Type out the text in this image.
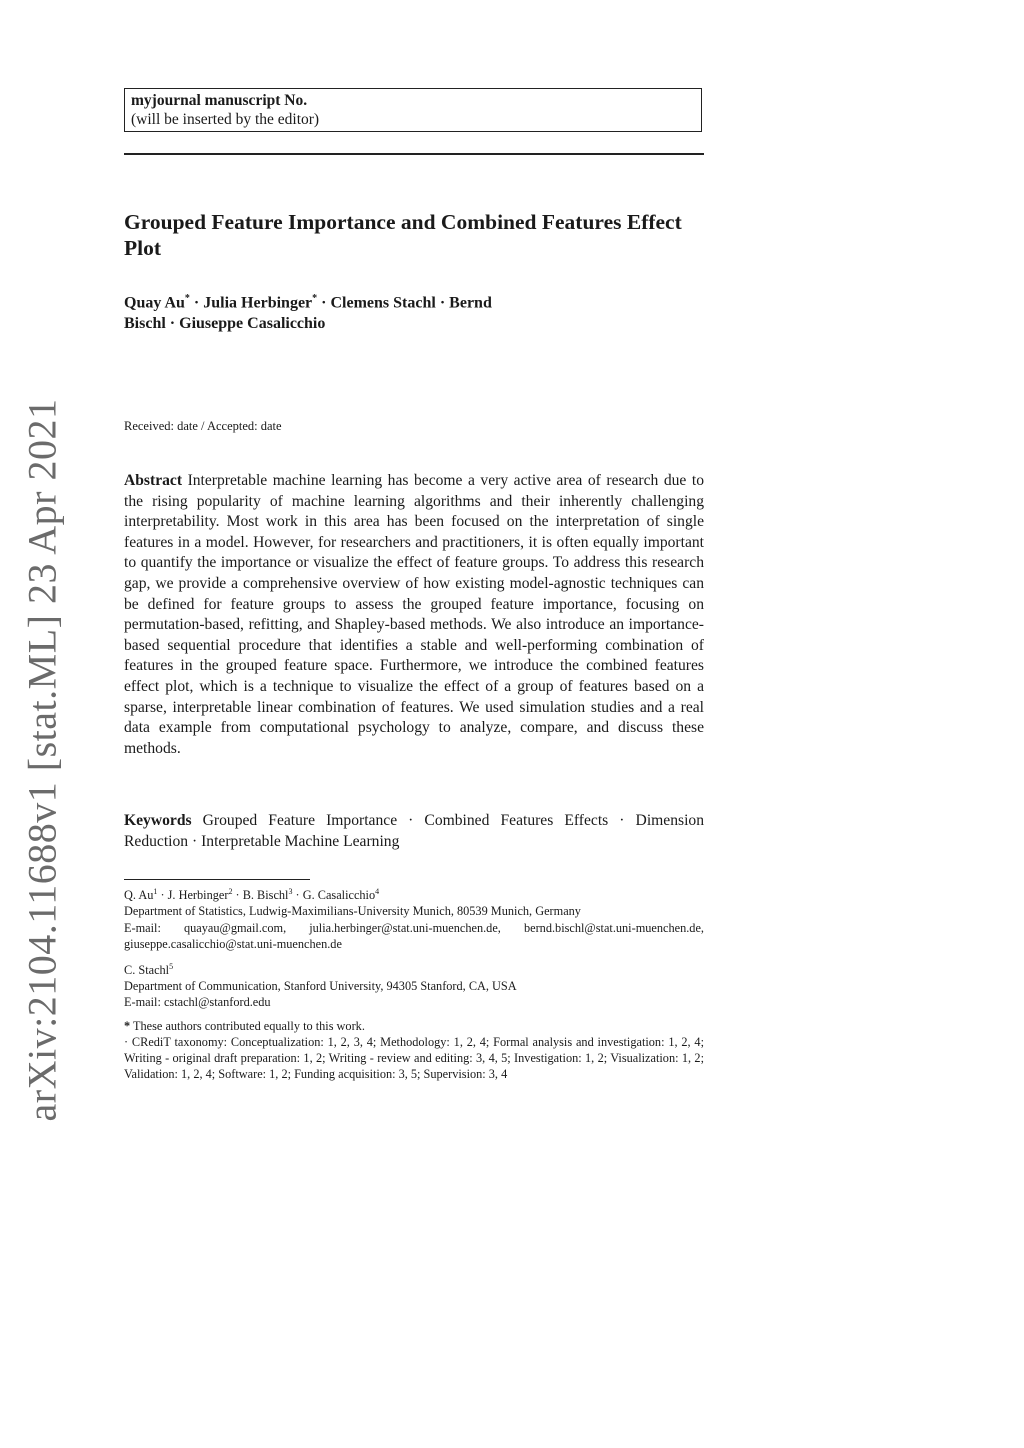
arXiv:2104.11688v1 [stat.ML] 23 Apr 2021
myjournal manuscript No.
(will be inserted by the editor)
Grouped Feature Importance and Combined Features Effect Plot
Quay Au* · Julia Herbinger* · Clemens Stachl · Bernd Bischl · Giuseppe Casalicchio
Received: date / Accepted: date

Abstract Interpretable machine learning has become a very active area of research due to the rising popularity of machine learning algorithms and their inherently challenging interpretability. Most work in this area has been focused on the interpretation of single features in a model. However, for researchers and practitioners, it is often equally important to quantify the importance or visualize the effect of feature groups. To address this research gap, we provide a comprehensive overview of how existing model-agnostic techniques can be defined for feature groups to assess the grouped feature importance, focusing on permutation-based, refitting, and Shapley-based methods. We also introduce an importance-based sequential procedure that identifies a stable and well-performing combination of features in the grouped feature space. Furthermore, we introduce the combined features effect plot, which is a technique to visualize the effect of a group of features based on a sparse, interpretable linear combination of features. We used simulation studies and a real data example from computational psychology to analyze, compare, and discuss these methods.

Keywords Grouped Feature Importance · Combined Features Effects · Dimension Reduction · Interpretable Machine Learning

Q. $Au^1 \cdot J$. Herbinger$^2$ · B. Bischl$^3$ · G. Casalicchio$^4$

Department of Statistics, Ludwig-Maximilians-University Munich, 80539 Munich, Germany

E-mail: quayau@gmail.com, julia.herbinger@stat.uni-muenchen.de, bernd.bischl@stat.uni-muenchen.de, giuseppe.casalicchio@stat.uni-muenchen.de

C. Stachl$^5$

Department of Communication, Stanford University, 94305 Stanford, CA, USA

E-mail: cstachl@stanford.edu

* These authors contributed equally to this work.

· CRediT taxonomy: Conceptualization: 1, 2, 3, 4; Methodology: 1, 2, 4; Formal analysis and investigation: 1, 2, 4; Writing - original draft preparation: 1, 2; Writing - review and editing: 3, 4, 5; Investigation: 1, 2; Visualization: 1, 2; Validation: 1, 2, 4; Software: 1, 2; Funding acquisition: 3, 5; Supervision: 3, 4
